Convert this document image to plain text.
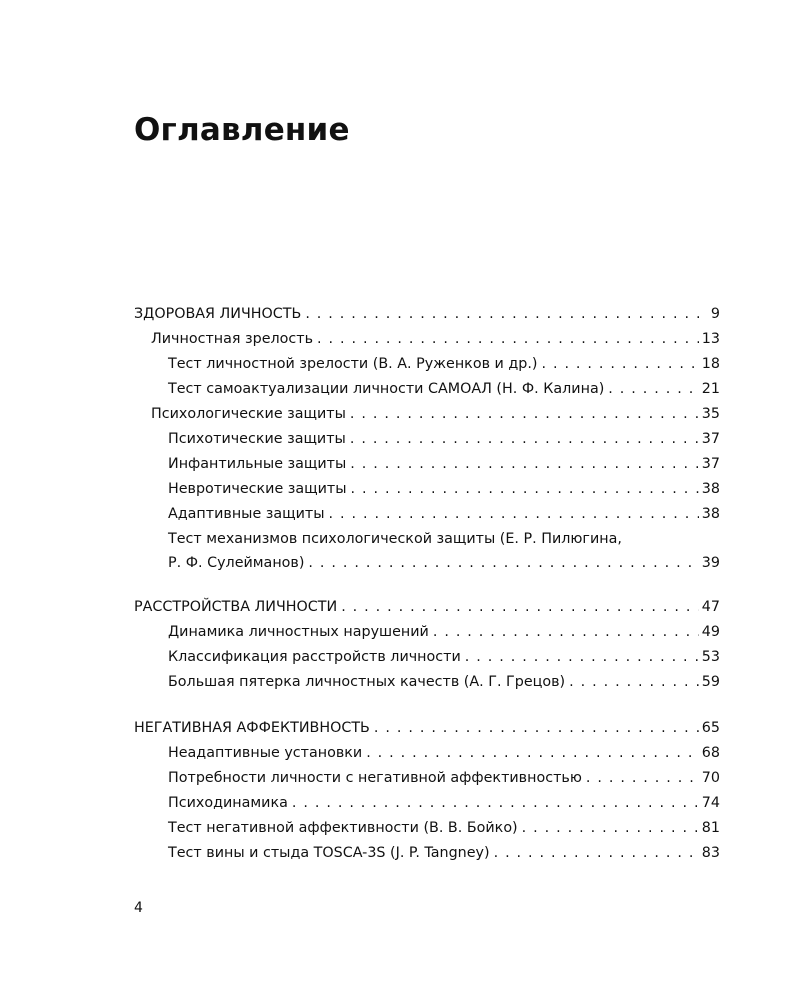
Оглавление
ЗДОРОВАЯ ЛИЧНОСТЬ . . .	9
Личностная зрелость . . .	13
Тест личностной зрелости (В. А. Руженков и др.) . . .	18
Тест самоактуализации личности САМОАЛ (Н. Ф. Калина) . . .	21
Психологические защиты . . .	35
Психотические защиты . . .	37
Инфантильные защиты . . .	37
Невротические защиты . . .	38
Адаптивные защиты . . .	38
Тест механизмов психологической защиты (Е. Р. Пилюгина,
Р. Ф. Сулейманов) . . .	39
РАССТРОЙСТВА ЛИЧНОСТИ . . .	47
Динамика личностных нарушений . . .	49
Классификация расстройств личности . . .	53
Большая пятерка личностных качеств (А. Г. Грецов) . . .	59
НЕГАТИВНАЯ АФФЕКТИВНОСТЬ . . .	65
Неадаптивные установки . . .	68
Потребности личности с негативной аффективностью . . .	70
Психодинамика . . .	74
Тест негативной аффективности (В. В. Бойко) . . .	81
Тест вины и стыда TOSCA-3S (J. P. Tangney) . . .	83
4
